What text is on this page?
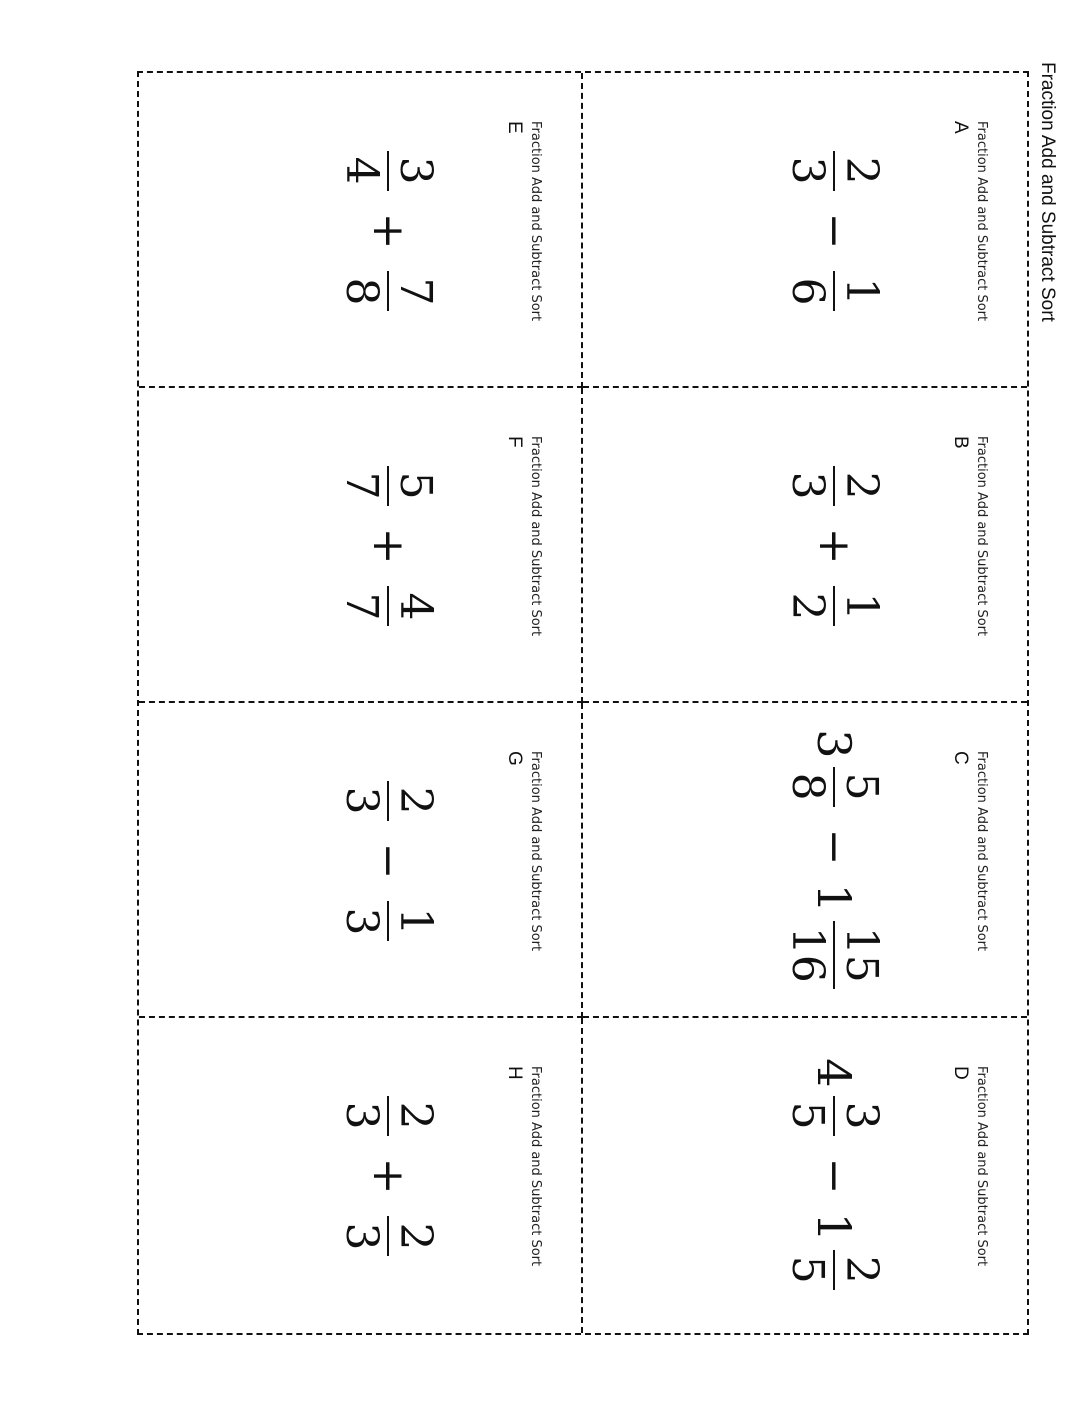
Fraction Add and Subtract Sort
Fraction Add and Subtract Sort
E
3
4
+
7
8	Fraction Add and Subtract Sort
A
2
3
−
1
6
Fraction Add and Subtract Sort
F
5
7
+
4
7	Fraction Add and Subtract Sort
B
2
3
+
1
2
Fraction Add and Subtract Sort
G
2
3
−
1
3	Fraction Add and Subtract Sort
C
3
5
8
−
1
15
16
Fraction Add and Subtract Sort
H
2
3
+
2
3	Fraction Add and Subtract Sort
D
4
3
5
−
1
2
5
